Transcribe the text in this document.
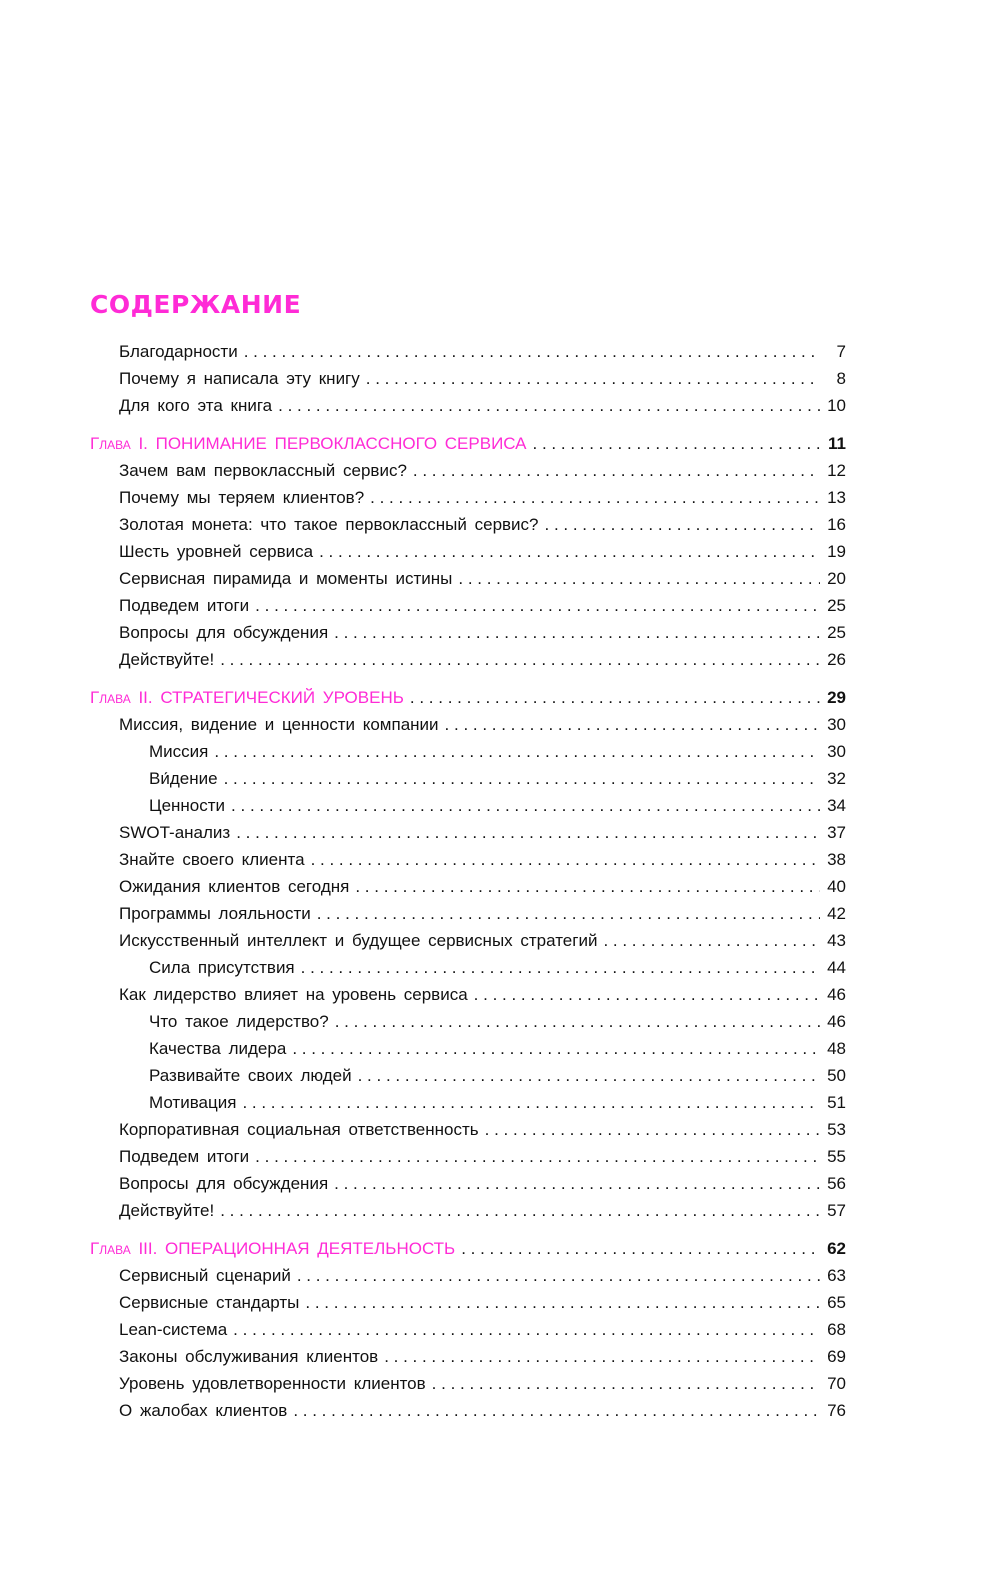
СОДЕРЖАНИЕ
Благодарности . . .	7
Почему я написала эту книгу . . .	8
Для кого эта книга . . .	10
Глава I. ПОНИМАНИЕ ПЕРВОКЛАССНОГО СЕРВИСА . . .	11
Зачем вам первоклассный сервис? . . .	12
Почему мы теряем клиентов? . . .	13
Золотая монета: что такое первоклассный сервис? . . .	16
Шесть уровней сервиса . . .	19
Сервисная пирамида и моменты истины . . .	20
Подведем итоги . . .	25
Вопросы для обсуждения . . .	25
Действуйте! . . .	26
Глава II. СТРАТЕГИЧЕСКИЙ УРОВЕНЬ . . .	29
Миссия, видение и ценности компании . . .	30
Миссия . . .	30
Ви́дение . . .	32
Ценности . . .	34
SWOT-анализ . . .	37
Знайте своего клиента . . .	38
Ожидания клиентов сегодня . . .	40
Программы лояльности . . .	42
Искусственный интеллект и будущее сервисных стратегий . . .	43
Сила присутствия . . .	44
Как лидерство влияет на уровень сервиса . . .	46
Что такое лидерство? . . .	46
Качества лидера . . .	48
Развивайте своих людей . . .	50
Мотивация . . .	51
Корпоративная социальная ответственность . . .	53
Подведем итоги . . .	55
Вопросы для обсуждения . . .	56
Действуйте! . . .	57
Глава III. ОПЕРАЦИОННАЯ ДЕЯТЕЛЬНОСТЬ . . .	62
Сервисный сценарий . . .	63
Сервисные стандарты . . .	65
Lean-система . . .	68
Законы обслуживания клиентов . . .	69
Уровень удовлетворенности клиентов . . .	70
О жалобах клиентов . . .	76
